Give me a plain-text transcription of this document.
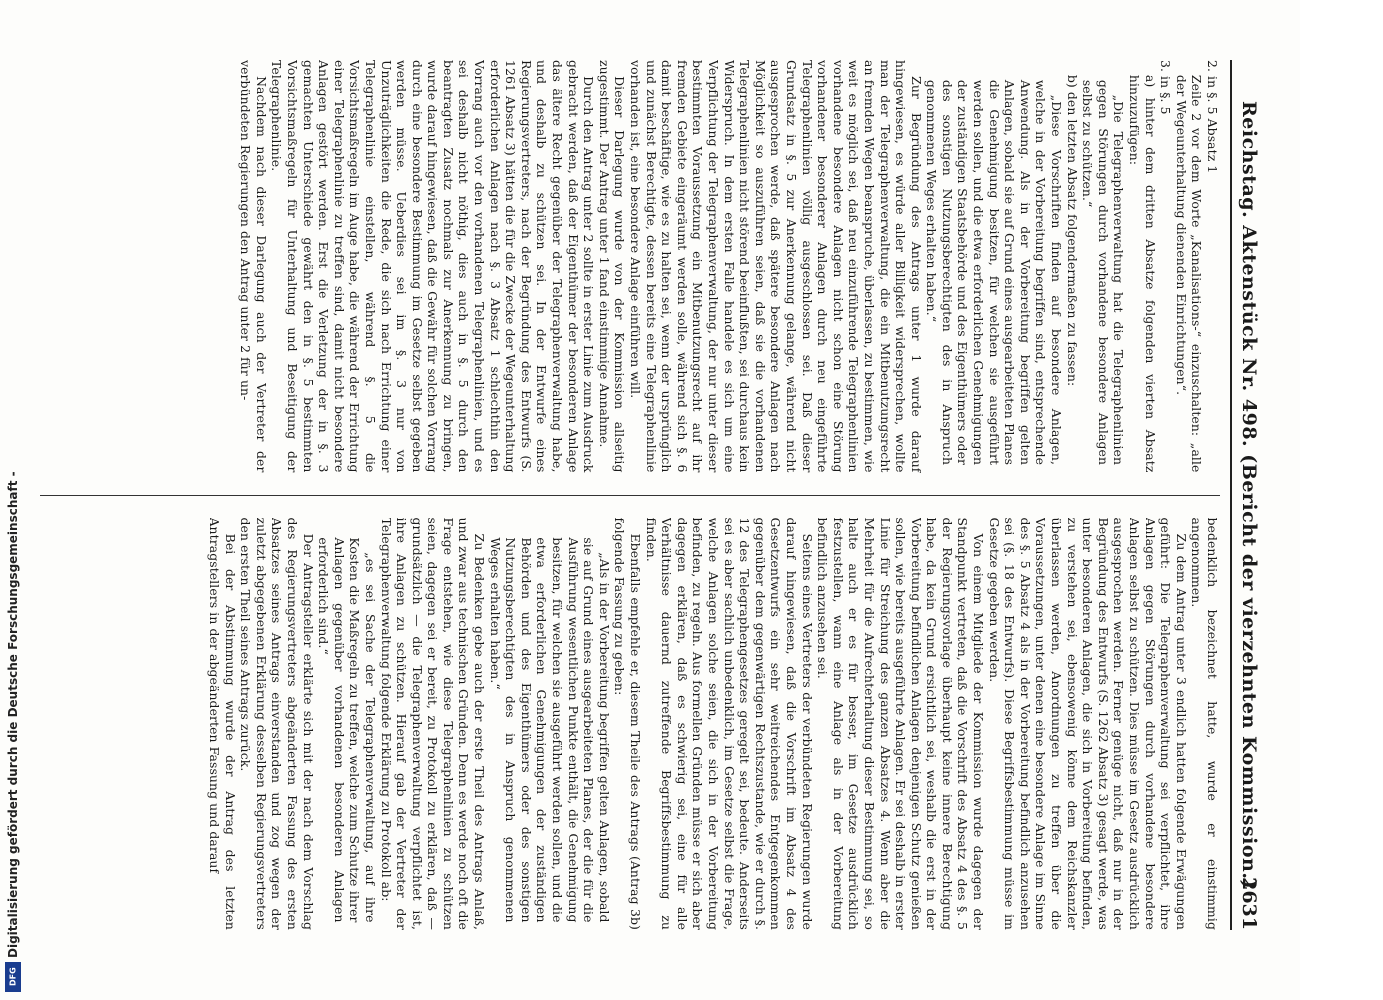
Reichstag. Aktenstück Nr. 498. (Bericht der vierzehnten Kommission.)
2631

2. in §. 5 Absatz 1

Zeile 2 vor dem Worte „Kanalisations-“ einzuschalten: „alle der Wegeunterhaltung dienenden Einrichtungen“.

3. in §. 5

a) hinter dem dritten Absatze folgenden vierten Absatz hinzuzufügen:

„Die Telegraphenverwaltung hat die Telegraphenlinien gegen Störungen durch vorhandene besondere Anlagen selbst zu schützen.“

b) den letzten Absatz folgendermaßen zu fassen:

„Diese Vorschriften finden auf besondere Anlagen, welche in der Vorbereitung begriffen sind, entsprechende Anwendung. Als in der Vorbereitung begriffen gelten Anlagen, sobald sie auf Grund eines ausgearbeiteten Planes die Genehmigung besitzen, für welchen sie ausgeführt werden sollen, und die etwa erforderlichen Genehmigungen der zuständigen Staatsbehörde und des Eigenthümers oder des sonstigen Nutzungsberechtigten des in Anspruch genommenen Weges erhalten haben.“

Zur Begründung des Antrags unter 1 wurde darauf hingewiesen, es würde aller Billigkeit widersprechen, wollte man der Telegraphenverwaltung, die ein Mitbenutzungsrecht an fremden Wegen beanspruche, überlassen, zu bestimmen, wie weit es möglich sei, daß neu einzuführende Telegraphenlinien vorhandene besondere Anlagen nicht schon eine Störung vorhandener besonderer Anlagen durch neu eingeführte Telegraphenlinien völlig ausgeschlossen sei. Daß dieser Grundsatz in §. 5 zur Anerkennung gelange, während nicht ausgesprochen werde, daß spätere besondere Anlagen nach Möglichkeit so auszuführen seien, daß sie die vorhandenen Telegraphenlinien nicht störend beeinflußten, sei durchaus kein Widerspruch. In dem ersten Falle handele es sich um eine Verpflichtung der Telegraphenverwaltung, der nur unter dieser bestimmten Voraussetzung ein Mitbenutzungsrecht auf ihr fremden Gebiete eingeräumt werden solle, während sich §. 6 damit beschäftige, wie es zu halten sei, wenn der ursprünglich und zunächst Berechtigte, dessen bereits eine Telegraphenlinie vorhanden ist, eine besondere Anlage einführen will.

Dieser Darlegung wurde von der Kommission allseitig zugestimmt. Der Antrag unter 1 fand einstimmige Annahme.

Durch den Antrag unter 2 sollte in erster Linie zum Ausdruck gebracht werden, daß der Eigenthümer der besonderen Anlage das ältere Recht gegenüber der Telegraphenverwaltung habe, und deshalb zu schützen sei. In der Entwurfe eines Regierungsvertreters, nach der Begründung des Entwurfs (S. 1261 Absatz 3) hätten die für die Zwecke der Wegeunterhaltung erforderlichen Anlagen nach §. 3 Absatz 1 schlechthin den Vorrang auch vor den vorhandenen Telegraphenlinien, und es sei deshalb nicht nöthig, dies auch in §. 5 durch den beantragten Zusatz nochmals zur Anerkennung zu bringen, wurde darauf hingewiesen, daß die Gewähr für solchen Vorrang durch eine besondere Bestimmung im Gesetze selbst gegeben werden müsse. Ueberdies sei im §. 3 nur von Unzuträglichkeiten die Rede, die sich nach Errichtung einer Telegraphenlinie einstellen, während §. 5 die Vorsichtsmaßregeln im Auge habe, die während der Errichtung einer Telegraphenlinie zu treffen sind, damit nicht besondere Anlagen gestört werden. Erst die Verletzung der in §. 3 gemachten Unterschiede gewährt den in §. 5 bestimmten Vorsichtsmaßregeln für Unterhaltung und Beseitigung der Telegraphenlinie.

Nachdem nach dieser Darlegung auch der Vertreter der verbündeten Regierungen den Antrag unter 2 für un-

bedenklich bezeichnet hatte, wurde er einstimmig angenommen.

Zu dem Antrag unter 3 endlich hatten folgende Erwägungen geführt: Die Telegraphenverwaltung sei verpflichtet, ihre Anlagen gegen Störungen durch vorhandene besondere Anlagen selbst zu schützen. Dies müsse im Gesetz ausdrücklich ausgesprochen werden. Ferner genüge nicht, daß nur in der Begründung des Entwurfs (S. 1262 Absatz 3) gesagt werde, was unter besonderen Anlagen, die sich in Vorbereitung befinden, zu verstehen sei, ebensowenig könne dem Reichskanzler überlassen werden, Anordnungen zu treffen über die Voraussetzungen, unter denen eine besondere Anlage im Sinne des §. 5 Absatz 4 als in der Vorbereitung befindlich anzusehen sei (§. 18 des Entwurfs). Diese Begriffsbestimmung müsse im Gesetze gegeben werden.

Von einem Mitgliede der Kommission wurde dagegen der Standpunkt vertreten, daß die Vorschrift des Absatz 4 des §. 5 der Regierungsvorlage überhaupt keine innere Berechtigung habe, da kein Grund ersichtlich sei, weshalb die erst in der Vorbereitung befindlichen Anlagen denjenigen Schutz genießen sollen, wie bereits ausgeführte Anlagen. Er sei deshalb in erster Linie für Streichung des ganzen Absatzes 4. Wenn aber die Mehrheit für die Aufrechterhaltung dieser Bestimmung sei, so halte auch er es für besser, im Gesetze ausdrücklich festzustellen, wann eine Anlage als in der Vorbereitung befindlich anzusehen sei.

Seitens eines Vertreters der verbündeten Regierungen wurde darauf hingewiesen, daß die Vorschrift im Absatz 4 des Gesetzentwurfs ein sehr weitreichendes Entgegenkommen gegenüber dem gegenwärtigen Rechtszustande, wie er durch §. 12 des Telegraphengesetzes geregelt sei, bedeute. Anderseits sei es aber sachlich unbedenklich, im Gesetze selbst die Frage, welche Anlagen solche seien, die sich in der Vorbereitung befinden, zu regeln. Aus formellen Gründen müsse er sich aber dagegen erklären, daß es schwierig sei, eine für alle Verhältnisse dauernd zutreffende Begriffsbestimmung zu finden.

Ebenfalls empfehle er, diesem Theile des Antrags (Antrag 3b) folgende Fassung zu geben:

„Als in der Vorbereitung begriffen gelten Anlagen, sobald sie auf Grund eines ausgearbeiteten Planes, der die für die Ausführung wesentlichen Punkte enthält, die Genehmigung besitzen, für welchen sie ausgeführt werden sollen, und die etwa erforderlichen Genehmigungen der zuständigen Behörden und des Eigenthümers oder des sonstigen Nutzungsberechtigten des in Anspruch genommenen Weges erhalten haben.“

Zu Bedenken gebe auch der erste Theil des Antrags Anlaß, und zwar aus technischen Gründen. Denn es werde noch oft die Frage entstehen, wie diese Telegraphenlinien zu schützen seien, dagegen sei er bereit, zu Protokoll zu erklären, daß — grundsätzlich — die Telegraphenverwaltung verpflichtet ist, ihre Anlagen zu schützen. Hierauf gab der Vertreter der Telegraphenverwaltung folgende Erklärung zu Protokoll ab:

„es sei Sache der Telegraphenverwaltung, auf ihre Kosten die Maßregeln zu treffen, welche zum Schutze ihrer Anlagen gegenüber vorhandenen besonderen Anlagen erforderlich sind.“

Der Antragsteller erklärte sich mit der nach dem Vorschlag des Regierungsvertreters abgeänderten Fassung des ersten Absatzes seines Antrags einverstanden und zog wegen der zuletzt abgegebenen Erklärung desselben Regierungsvertreters den ersten Theil seines Antrags zurück.

Bei der Abstimmung wurde der Antrag des letzten Antragstellers in der abgeänderten Fassung und darauf

Digitalisierung gefördert durch die Deutsche Forschungsgemeinschaft -
DFG
